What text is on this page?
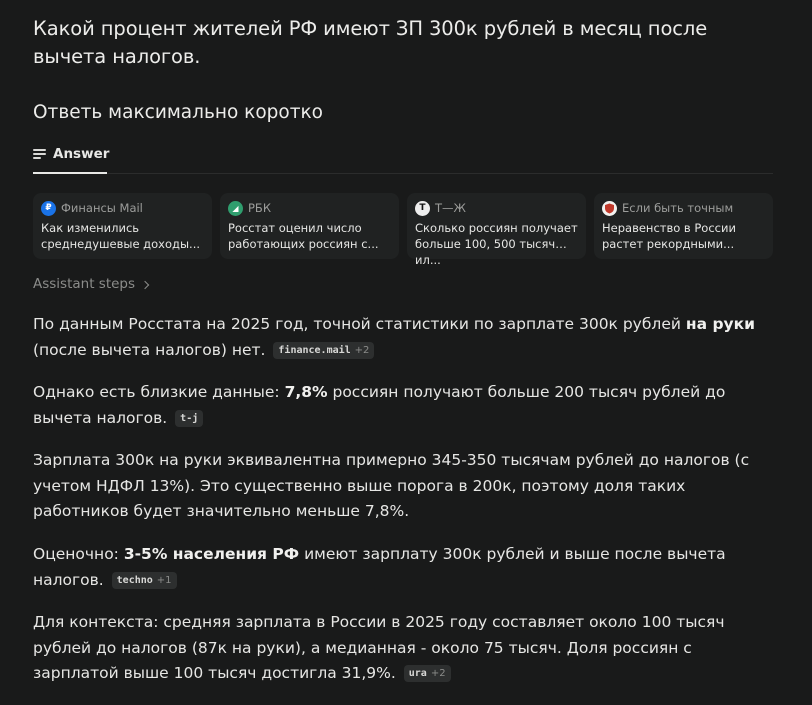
Какой процент жителей РФ имеют ЗП 300к рублей в месяц после вычета налогов.
Ответь максимально коротко
Answer
₽ Финансы Mail
Как изменились среднедушевые доходы...
◢ РБК
Росстат оценил число работающих россиян с...
Т Т—Ж
Сколько россиян получает больше 100, 500 тысяч ил...
Если быть точным
Неравенство в России растет рекордными...
Assistant steps
По данным Росстата на 2025 год, точной статистики по зарплате 300к рублей на руки (после вычета налогов) нет. finance.mail +2
Однако есть близкие данные: 7,8% россиян получают больше 200 тысяч рублей до вычета налогов. t-j
Зарплата 300к на руки эквивалентна примерно 345-350 тысячам рублей до налогов (с учетом НДФЛ 13%). Это существенно выше порога в 200к, поэтому доля таких работников будет значительно меньше 7,8%.
Оценочно: 3-5% населения РФ имеют зарплату 300к рублей и выше после вычета налогов. techno +1
Для контекста: средняя зарплата в России в 2025 году составляет около 100 тысяч рублей до налогов (87к на руки), а медианная - около 75 тысяч. Доля россиян с зарплатой выше 100 тысяч достигла 31,9%. ura +2
